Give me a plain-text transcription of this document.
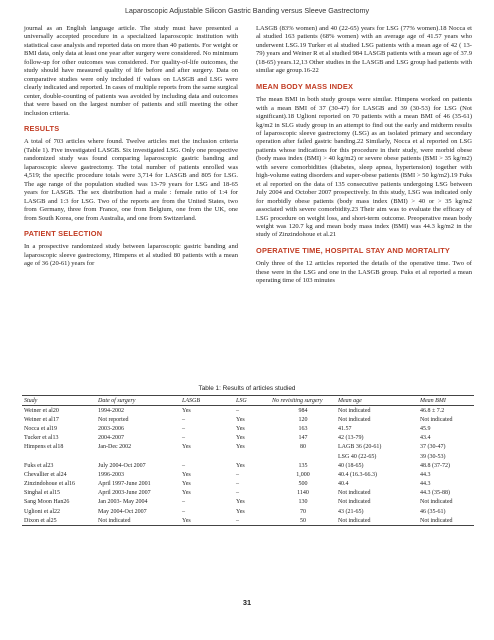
Laparoscopic Adjustable Silicon Gastric Banding versus Sleeve Gastrectomy

journal as an English language article. The study must have presented a universally accepted procedure in a specialized laparoscopic institution with statistical case analysis and reported data on more than 40 patients. For weight or BMI data, only data at least one year after surgery were considered. No minimum follow-up for other outcomes was considered. For quality-of-life outcomes, the study should have measured quality of life before and after surgery. Data on comparative studies were only included if values on LASGB and LSG were clearly indicated and reported. In cases of multiple reports from the same surgical center, double-counting of patients was avoided by including data and outcomes that were based on the largest number of patients and still meeting the other inclusion criteria.

RESULTS

A total of 703 articles where found. Twelve articles met the inclusion criteria (Table 1). Five investigated LASGB. Six investigated LSG. Only one prospective randomized study was found comparing laparoscopic gastric banding and laparoscopic sleeve gastrectomy. The total number of patients enrolled was 4,519; the specific procedure totals were 3,714 for LASGB and 805 for LSG. The age range of the population studied was 13-79 years for LSG and 18-65 years for LASGB. The sex distribution had a male : female ratio of 1:4 for LASGB and 1:3 for LSG. Two of the reports are from the United States, two from Germany, three from France, one from Belgium, one from the UK, one from South Korea, one from Australia, and one from Switzerland.

PATIENT SELECTION

In a prospective randomized study between laparoscopic gastric banding and laparoscopic sleeve gastrectomy, Himpens et al studied 80 patients with a mean age of 36 (20-61) years for

LASGB (83% women) and 40 (22-65) years for LSG (77% women).18 Nocca et al studied 163 patients (68% women) with an average age of 41.57 years who underwent LSG.19 Turker et al studied LSG patients with a mean age of 42 ( 13-79) years and Weiner R et al studied 984 LASGB patients with a mean age of 37.9 (18-65) years.12,13 Other studies in the LASGB and LSG group had patients with similar age group.16-22

MEAN BODY MASS INDEX

The mean BMI in both study groups were similar. Himpens worked on patients with a mean BMI of 37 (30-47) for LASGB and 39 (30-53) for LSG (Not significant).18 Uglioni reported on 70 patients with a mean BMI of 46 (35-61) kg/m2 in SLG study group in an attempt to find out the early and midterm results of laparoscopic sleeve gastrectomy (LSG) as an isolated primary and secondary operation after failed gastric banding.22 Similarly, Nocca et al reported on LSG patients whose indications for this procedure in their study, were morbid obese (body mass index (BMI) > 40 kg/m2) or severe obese patients (BMI > 35 kg/m2) with severe comorbidities (diabetes, sleep apnea, hypertension) together with high-volume eating disorders and super-obese patients (BMI > 50 kg/m2).19 Fuks et al reported on the data of 135 consecutive patients undergoing LSG between July 2004 and October 2007 prospectively. In this study, LSG was indicated only for morbidly obese patients (body mass index (BMI) > 40 or > 35 kg/m2 associated with severe comorbidity.23 Their aim was to evaluate the efficacy of LSG procedure on weight loss, and short-term outcome. Preoperative mean body weight was 120.7 kg and mean body mass index (BMI) was 44.3 kg/m2 in the study of Zinzindohoue et al.21

OPERATIVE TIME, HOSPITAL STAY AND MORTALITY

Only three of the 12 articles reported the details of the operative time. Two of these were in the LSG and one in the LASGB group. Fuks et al reported a mean operating time of 103 minutes

Table 1: Results of articles studied
Study	Date of surgery	LASGB	LSG	No revisiting surgery	Mean age	Mean BMI
Weiner et al20	1994-2002	Yes	–	984	Not indicated	46.8 ± 7.2
Weiner et al17	Not reported	–	Yes	120	Not indicated	Not indicated
Nocca et al19	2003-2006	–	Yes	163	41.57	45.9
Tucker et al13	2004-2007	–	Yes	147	42 (13-79)	43.4
Himpens et al18	Jan-Dec 2002	Yes	Yes	80	LAGB 36 (20-61)	37 (30-47)
					LSG 40 (22-65)	39 (30-53)
Fuks et al23	July 2004-Oct 2007	–	Yes	135	40 (18-65)	48.8 (37-72)
Chevallier et al24	1996-2003	Yes	–	1,000	40.4 (16.3-66.3)	44.3
Zinzindohoue et al16	April 1997-June 2001	Yes	–	500	40.4	44.3
Singhal et al15	April 2003-June 2007	Yes	–	1140	Not indicated	44.3 (35-88)
Sang Moon Han26	Jan 2003- May 2004	–	Yes	130	Not indicated	Not indicated
Uglioni et al22	May 2004-Oct 2007	–	Yes	70	43 (21-65)	46 (35-61)
Dixon et al25	Not indicated	Yes	–	50	Not indicated	Not indicated
31
